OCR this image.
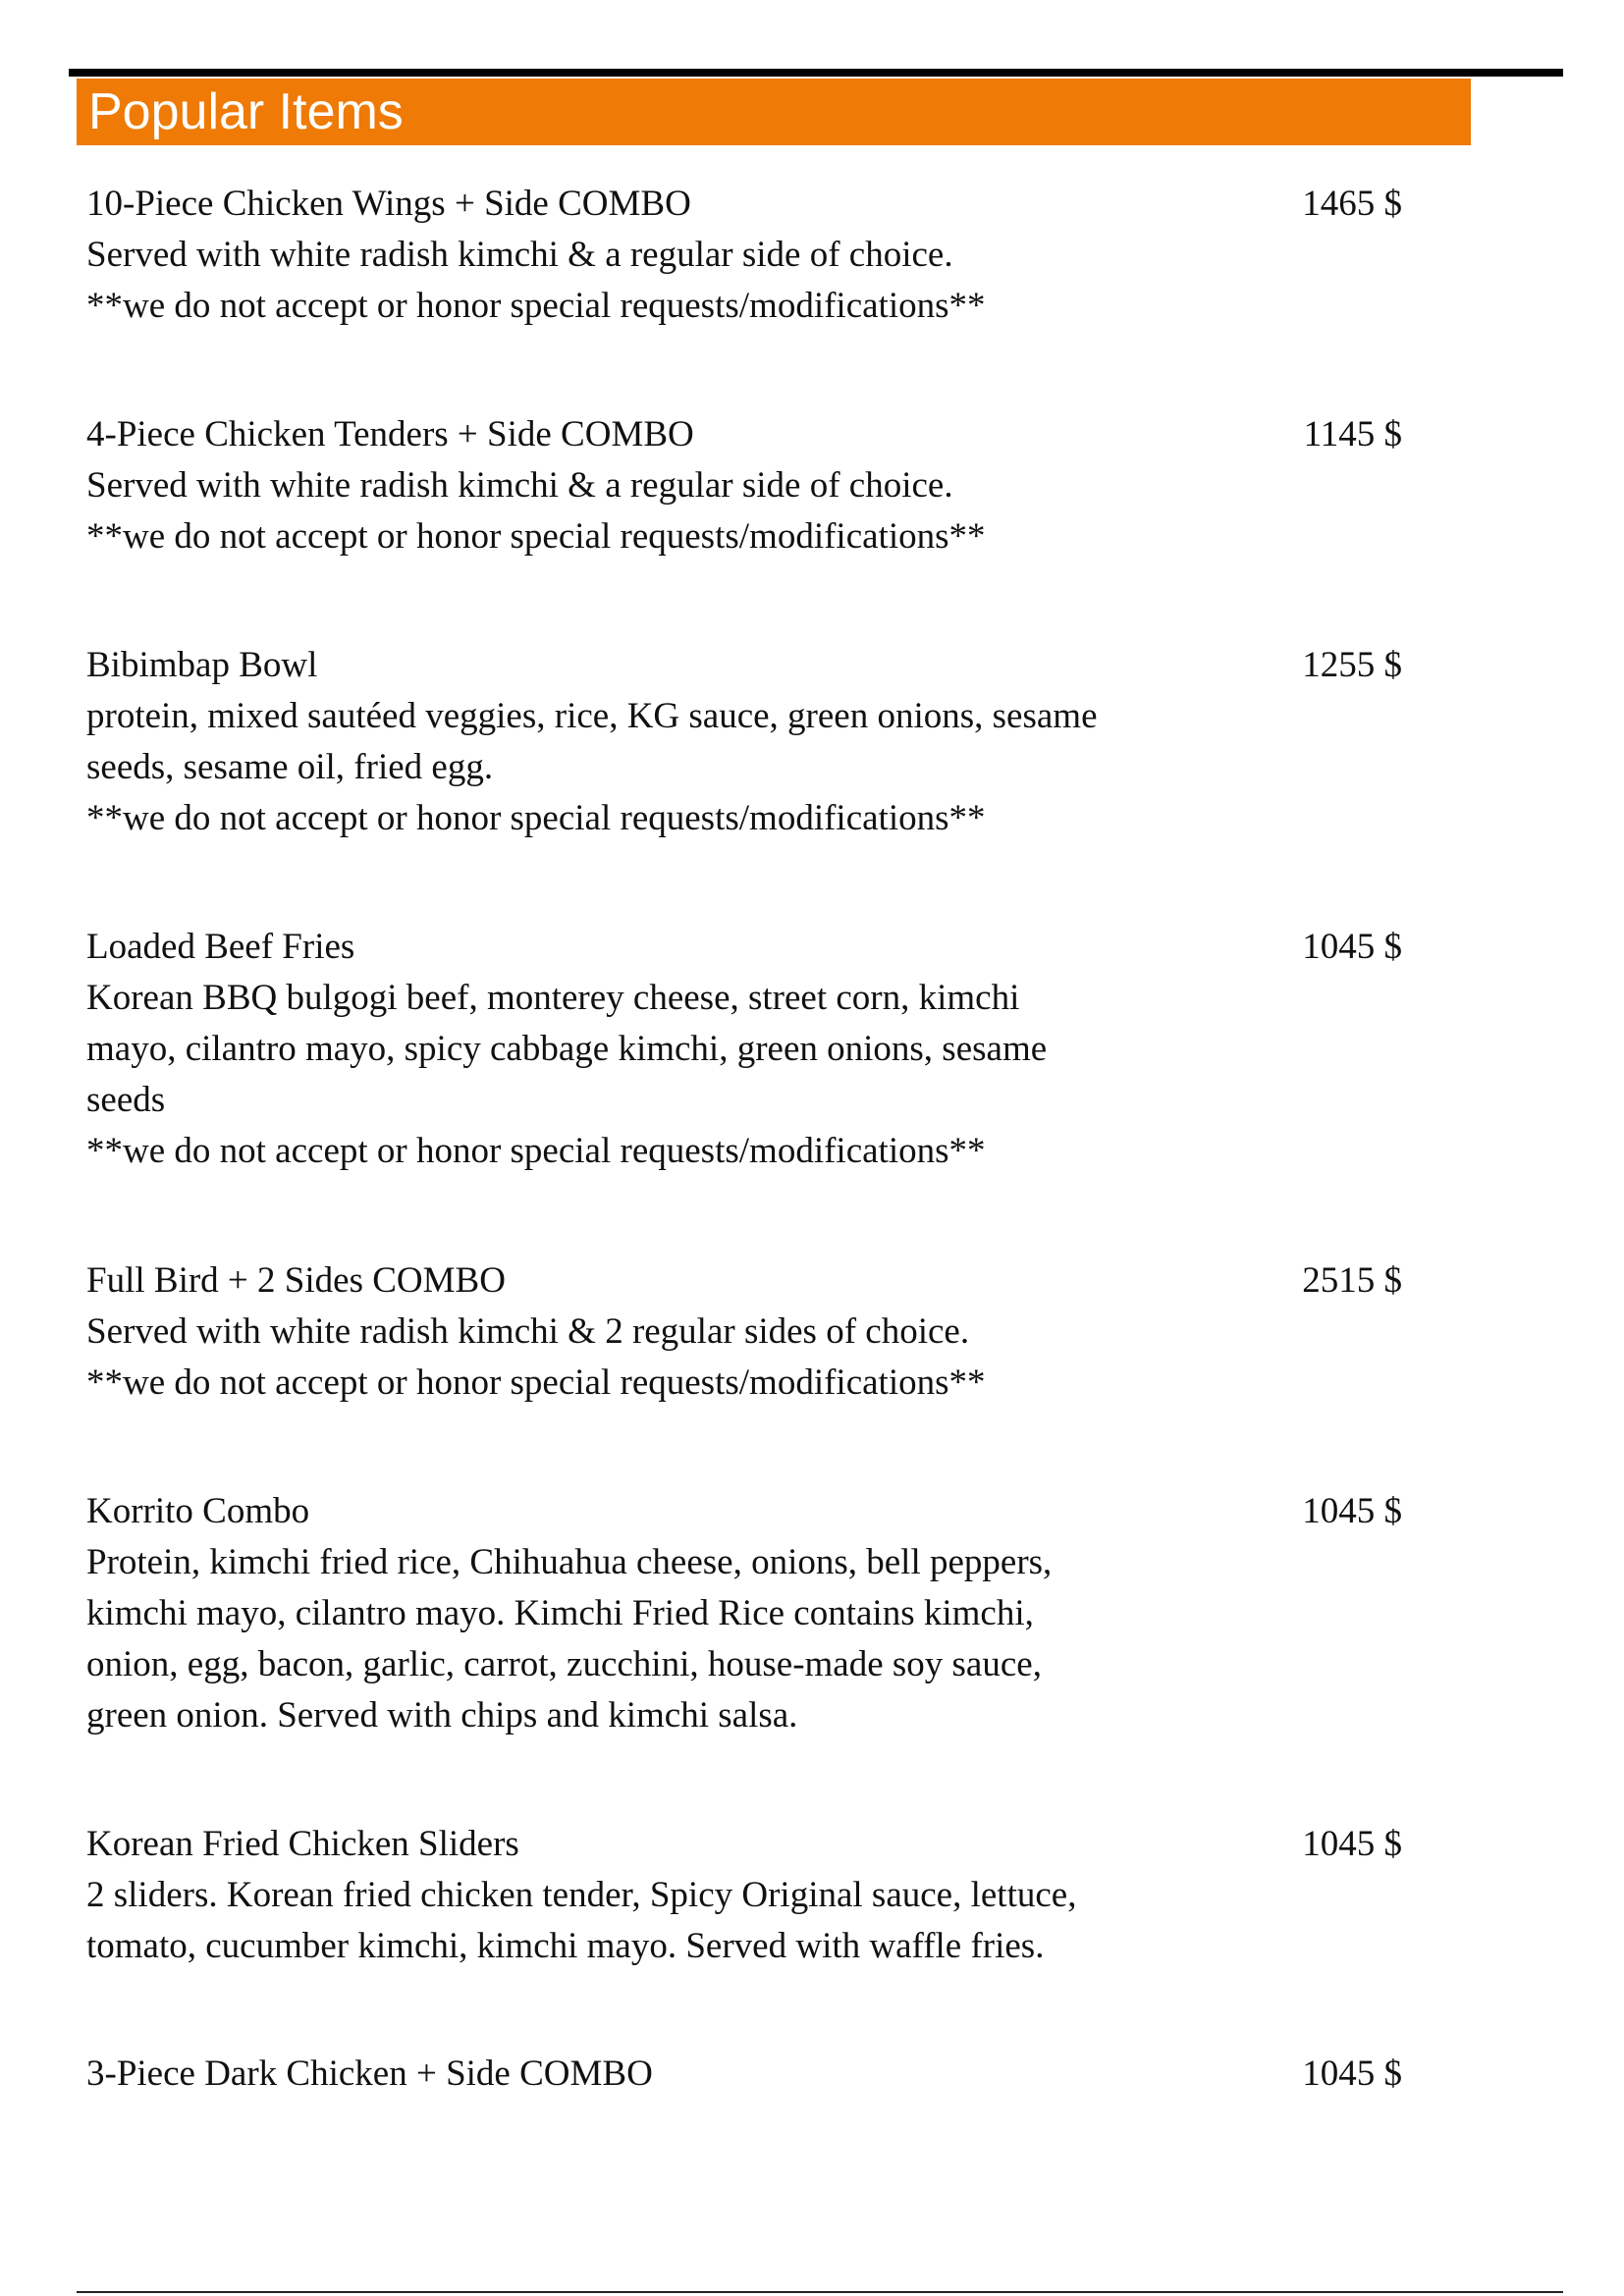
Popular Items
10-Piece Chicken Wings + Side COMBO	1465 $
Served with white radish kimchi & a regular side of choice.
**we do not accept or honor special requests/modifications**
4-Piece Chicken Tenders + Side COMBO	1145 $
Served with white radish kimchi & a regular side of choice.
**we do not accept or honor special requests/modifications**
Bibimbap Bowl	1255 $
protein, mixed sautéed veggies, rice, KG sauce, green onions, sesame
seeds, sesame oil, fried egg.
**we do not accept or honor special requests/modifications**
Loaded Beef Fries	1045 $
Korean BBQ bulgogi beef, monterey cheese, street corn, kimchi
mayo, cilantro mayo, spicy cabbage kimchi, green onions, sesame
seeds
**we do not accept or honor special requests/modifications**
Full Bird + 2 Sides COMBO	2515 $
Served with white radish kimchi & 2 regular sides of choice.
**we do not accept or honor special requests/modifications**
Korrito Combo	1045 $
Protein, kimchi fried rice, Chihuahua cheese, onions, bell peppers,
kimchi mayo, cilantro mayo. Kimchi Fried Rice contains kimchi,
onion, egg, bacon, garlic, carrot, zucchini, house-made soy sauce,
green onion. Served with chips and kimchi salsa.
Korean Fried Chicken Sliders	1045 $
2 sliders. Korean fried chicken tender, Spicy Original sauce, lettuce,
tomato, cucumber kimchi, kimchi mayo. Served with waffle fries.
3-Piece Dark Chicken + Side COMBO	1045 $
